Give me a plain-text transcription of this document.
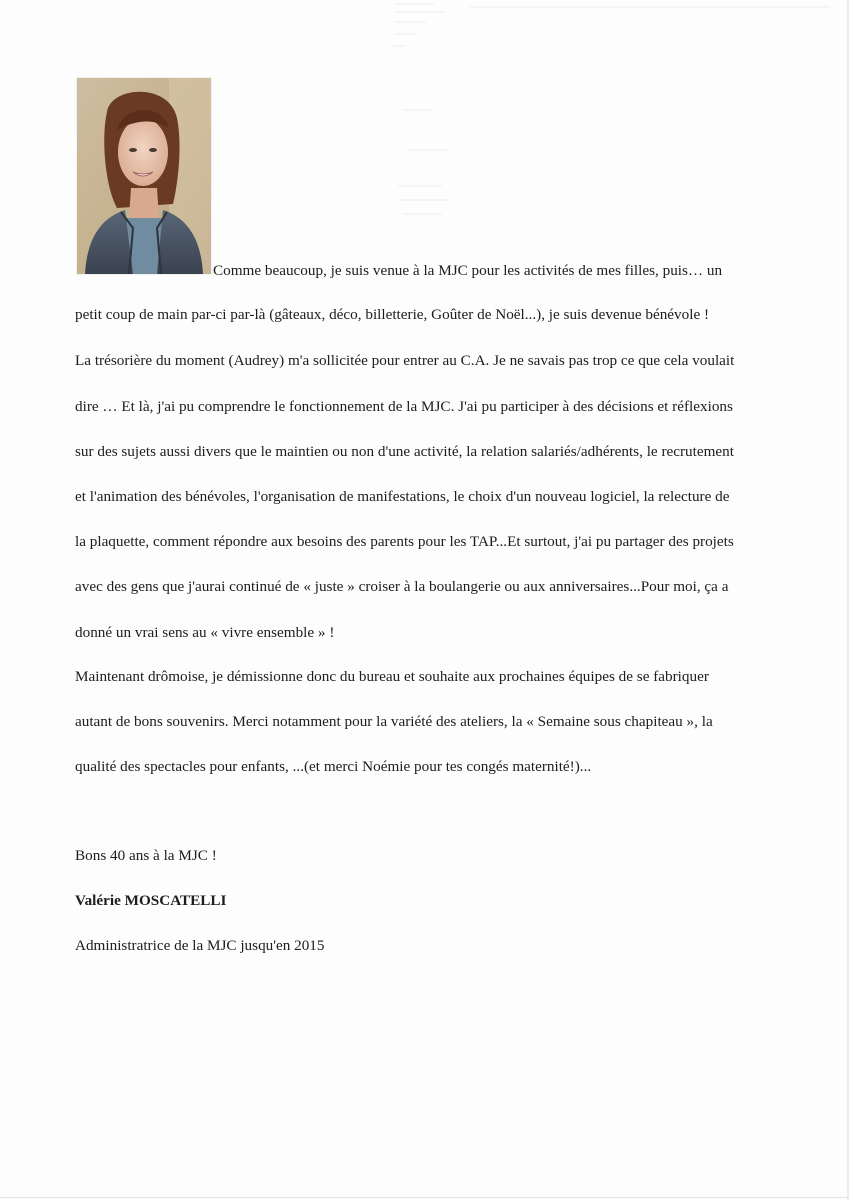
Comme beaucoup, je suis venue à la MJC pour les activités de mes filles, puis… un
petit coup de main par-ci par-là (gâteaux, déco, billetterie, Goûter de Noël...), je suis devenue bénévole !
La trésorière du moment (Audrey) m'a sollicitée pour entrer au C.A. Je ne savais pas trop ce que cela voulait
dire … Et là, j'ai pu comprendre le fonctionnement de la MJC. J'ai pu participer à des décisions et réflexions
sur des sujets aussi divers que le maintien ou non d'une activité, la relation salariés/adhérents, le recrutement
et l'animation des bénévoles, l'organisation de manifestations, le choix d'un nouveau logiciel, la relecture de
la plaquette, comment répondre aux besoins des parents pour les TAP...Et surtout, j'ai pu partager des projets
avec des gens que j'aurai continué de « juste » croiser à la boulangerie ou aux anniversaires...Pour moi, ça a
donné un vrai sens au « vivre ensemble » !
Maintenant drômoise, je démissionne donc du bureau et souhaite aux prochaines équipes de se fabriquer
autant de bons souvenirs. Merci notamment pour la variété des ateliers, la « Semaine sous chapiteau », la
qualité des spectacles pour enfants, ...(et merci Noémie pour tes congés maternité!)...
Bons 40 ans à la MJC !
Valérie MOSCATELLI
Administratrice de la MJC jusqu'en 2015
